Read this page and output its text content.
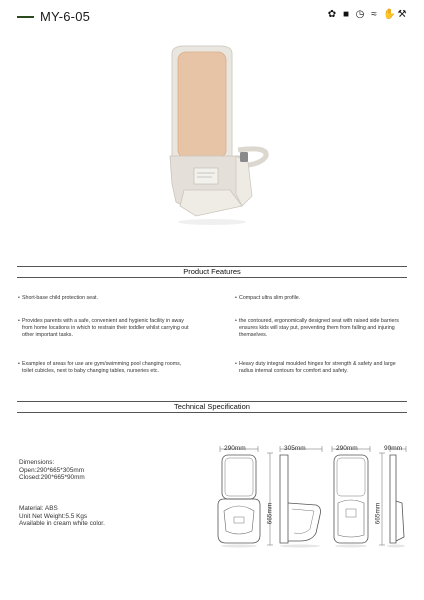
MY-6-05	✿ ■ ◷ ≈ ✋ ⚒
Product Features
• Short-base child protection seat.
• Provides parents with a safe, convenient and hygienic facility in away from home locations in which to restrain their toddler whilst carrying out other important tasks.
• Examples of areas for use are gym/swimming pool changing rooms, toilet cubicles, next to baby changing tables, nurseries etc.
• Compact ultra slim profile.
• the contoured, ergonomically designed seat with raised side barriers ensures kids will stay put, preventing them from falling and injuring themselves.
• Heavy duty integral moulded hinges for strength & safety and large radius internal contours for comfort and safety.
Technical Specification
Dimensions:
Open:290*665*305mm
Closed:290*665*90mm
Material: ABS
Unit Net Weight:5.5 Kgs
Available in cream white color.
290mm	305mm
665mm
290mm	90mm
665mm
